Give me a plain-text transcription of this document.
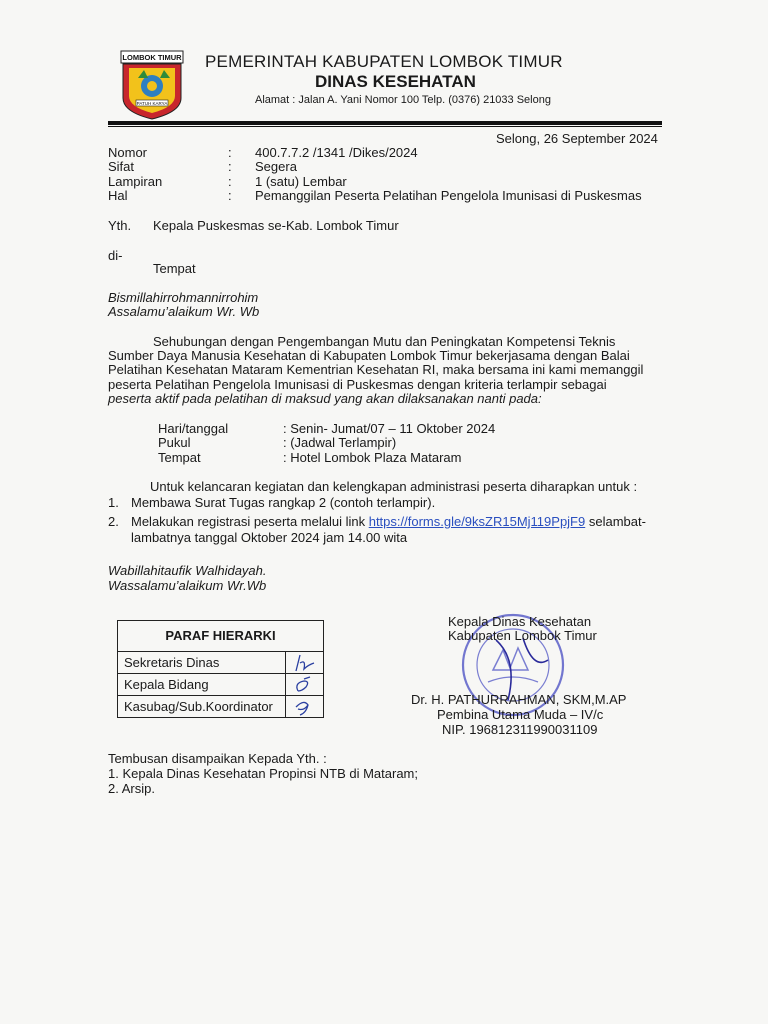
LOMBOK TIMUR
PATUH KARYA
PEMERINTAH KABUPATEN LOMBOK TIMUR
DINAS KESEHATAN
Alamat : Jalan A. Yani Nomor 100 Telp. (0376) 21033 Selong
Selong, 26 September 2024
Nomor	: 400.7.7.2 /1341 /Dikes/2024
Sifat	: Segera
Lampiran	: 1 (satu) Lembar
Hal	: Pemanggilan Peserta Pelatihan Pengelola Imunisasi di Puskesmas
Yth. Kepala Puskesmas se-Kab. Lombok Timur
di-
Tempat
Bismillahirrohmannirrohim
Assalamu’alaikum Wr. Wb
Sehubungan dengan Pengembangan Mutu dan Peningkatan Kompetensi Teknis
Sumber Daya Manusia Kesehatan di Kabupaten Lombok Timur bekerjasama dengan Balai
Pelatihan Kesehatan Mataram Kementrian Kesehatan RI, maka bersama ini kami memanggil
peserta Pelatihan Pengelola Imunisasi di Puskesmas dengan kriteria terlampir sebagai
peserta aktif pada pelatihan di maksud yang akan dilaksanakan nanti pada:
Hari/tanggal	: Senin- Jumat/07 – 11 Oktober 2024
Pukul	: (Jadwal Terlampir)
Tempat	: Hotel Lombok Plaza Mataram
Untuk kelancaran kegiatan dan kelengkapan administrasi peserta diharapkan untuk :
1. Membawa Surat Tugas rangkap 2 (contoh terlampir).
2. Melakukan registrasi peserta melalui link https://forms.gle/9ksZR15Mj119PpjF9 selambat-
lambatnya tanggal Oktober 2024 jam 14.00 wita
Wabillahitaufik Walhidayah.
Wassalamu’alaikum Wr.Wb
PARAF HIERARKI
Sekretaris Dinas
Kepala Bidang
Kasubag/Sub.Koordinator
Kepala Dinas Kesehatan
Kabupaten Lombok Timur
Dr. H. PATHURRAHMAN, SKM,M.AP
Pembina Utama Muda – IV/c
NIP. 196812311990031109
Tembusan disampaikan Kepada Yth. :
1. Kepala Dinas Kesehatan Propinsi NTB di Mataram;
2. Arsip.
